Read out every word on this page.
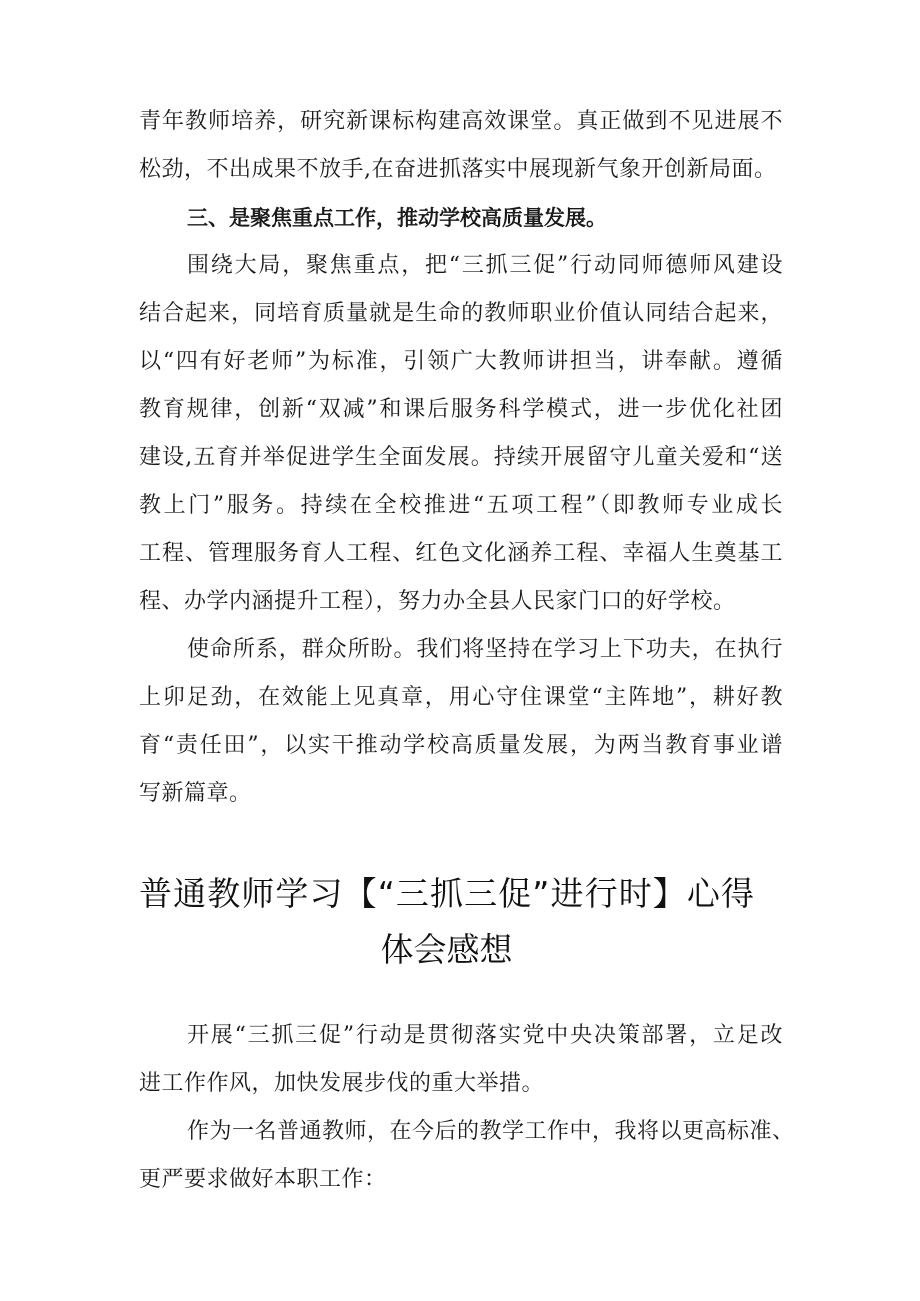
青年教师培养，研究新课标构建高效课堂。真正做到不见进展不
松劲，不出成果不放手,在奋进抓落实中展现新气象开创新局面。
三、是聚焦重点工作，推动学校高质量发展。
围绕大局，聚焦重点，把“三抓三促”行动同师德师风建设
结合起来，同培育质量就是生命的教师职业价值认同结合起来，
以“四有好老师”为标准，引领广大教师讲担当，讲奉献。遵循
教育规律，创新“双减”和课后服务科学模式，进一步优化社团
建设,五育并举促进学生全面发展。持续开展留守儿童关爱和“送
教上门”服务。持续在全校推进“五项工程”（即教师专业成长
工程、管理服务育人工程、红色文化涵养工程、幸福人生奠基工
程、办学内涵提升工程），努力办全县人民家门口的好学校。
使命所系，群众所盼。我们将坚持在学习上下功夫，在执行
上卯足劲，在效能上见真章，用心守住课堂“主阵地”，耕好教
育“责任田”，以实干推动学校高质量发展，为两当教育事业谱
写新篇章。
普通教师学习【“三抓三促”进行时】心得
体会感想
开展“三抓三促”行动是贯彻落实党中央决策部署，立足改
进工作作风，加快发展步伐的重大举措。
作为一名普通教师，在今后的教学工作中，我将以更高标准、
更严要求做好本职工作：
